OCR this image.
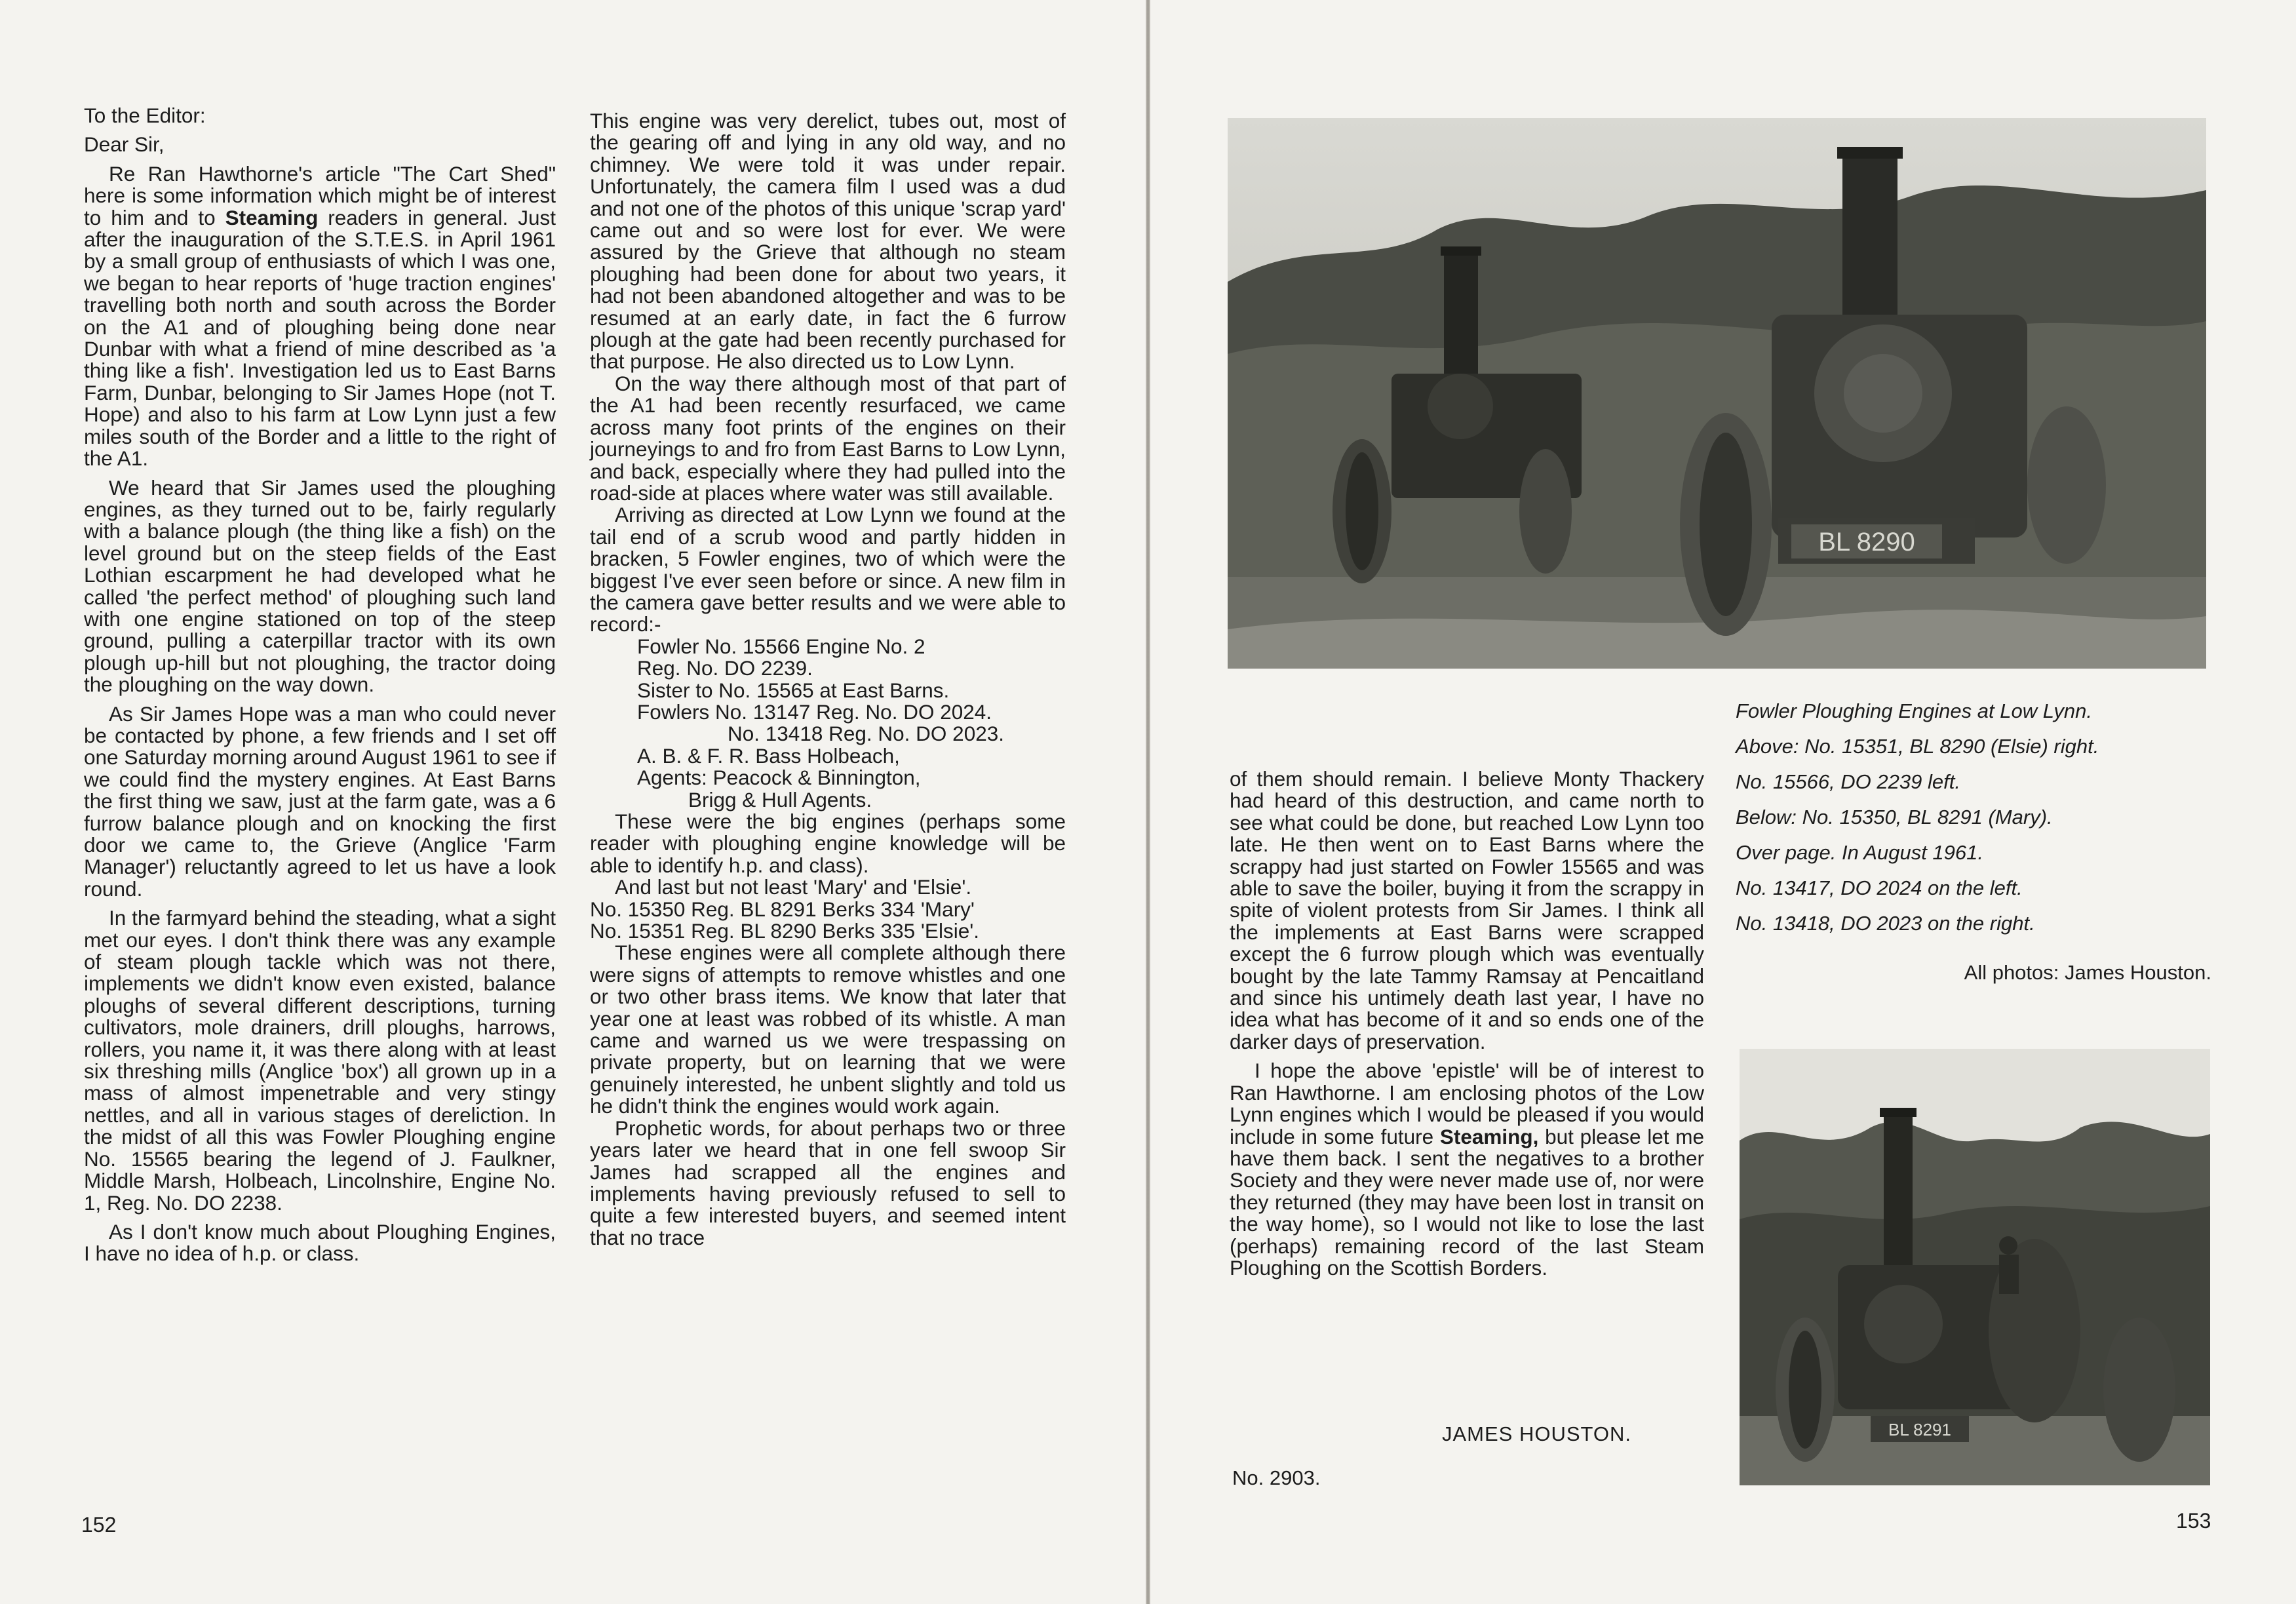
To the Editor:

Dear Sir,

Re Ran Hawthorne's article "The Cart Shed" here is some information which might be of interest to him and to Steaming readers in general. Just after the inauguration of the S.T.E.S. in April 1961 by a small group of enthusiasts of which I was one, we began to hear reports of 'huge traction engines' travelling both north and south across the Border on the A1 and of ploughing being done near Dunbar with what a friend of mine described as 'a thing like a fish'. Investigation led us to East Barns Farm, Dunbar, belonging to Sir James Hope (not T. Hope) and also to his farm at Low Lynn just a few miles south of the Border and a little to the right of the A1.

We heard that Sir James used the ploughing engines, as they turned out to be, fairly regularly with a balance plough (the thing like a fish) on the level ground but on the steep fields of the East Lothian escarpment he had developed what he called 'the perfect method' of ploughing such land with one engine stationed on top of the steep ground, pulling a caterpillar tractor with its own plough up-hill but not ploughing, the tractor doing the ploughing on the way down.

As Sir James Hope was a man who could never be contacted by phone, a few friends and I set off one Saturday morning around August 1961 to see if we could find the mystery engines. At East Barns the first thing we saw, just at the farm gate, was a 6 furrow balance plough and on knocking the first door we came to, the Grieve (Anglice 'Farm Manager') reluctantly agreed to let us have a look round.

In the farmyard behind the steading, what a sight met our eyes. I don't think there was any example of steam plough tackle which was not there, implements we didn't know even existed, balance ploughs of several different descriptions, turning cultivators, mole drainers, drill ploughs, harrows, rollers, you name it, it was there along with at least six threshing mills (Anglice 'box') all grown up in a mass of almost impenetrable and very stingy nettles, and all in various stages of dereliction. In the midst of all this was Fowler Ploughing engine No. 15565 bearing the legend of J. Faulkner, Middle Marsh, Holbeach, Lincolnshire, Engine No. 1, Reg. No. DO 2238.

As I don't know much about Ploughing Engines, I have no idea of h.p. or class.

This engine was very derelict, tubes out, most of the gearing off and lying in any old way, and no chimney. We were told it was under repair. Unfortunately, the camera film I used was a dud and not one of the photos of this unique 'scrap yard' came out and so were lost for ever. We were assured by the Grieve that although no steam ploughing had been done for about two years, it had not been abandoned altogether and was to be resumed at an early date, in fact the 6 furrow plough at the gate had been recently purchased for that purpose. He also directed us to Low Lynn.

On the way there although most of that part of the A1 had been recently resurfaced, we came across many foot prints of the engines on their journeyings to and fro from East Barns to Low Lynn, and back, especially where they had pulled into the road-side at places where water was still available.

Arriving as directed at Low Lynn we found at the tail end of a scrub wood and partly hidden in bracken, 5 Fowler engines, two of which were the biggest I've ever seen before or since. A new film in the camera gave better results and we were able to record:-

Fowler No. 15566 Engine No. 2

Reg. No. DO 2239.

Sister to No. 15565 at East Barns.

Fowlers No. 13147 Reg. No. DO 2024.

No. 13418 Reg. No. DO 2023.

A. B. & F. R. Bass Holbeach,

Agents: Peacock & Binnington,

Brigg & Hull Agents.

These were the big engines (perhaps some reader with ploughing engine knowledge will be able to identify h.p. and class).

And last but not least 'Mary' and 'Elsie'.

No. 15350 Reg. BL 8291 Berks 334 'Mary'

No. 15351 Reg. BL 8290 Berks 335 'Elsie'.

These engines were all complete although there were signs of attempts to remove whistles and one or two other brass items. We know that later that year one at least was robbed of its whistle. A man came and warned us we were trespassing on private property, but on learning that we were genuinely interested, he unbent slightly and told us he didn't think the engines would work again.

Prophetic words, for about perhaps two or three years later we heard that in one fell swoop Sir James had scrapped all the engines and implements having previously refused to sell to quite a few interested buyers, and seemed intent that no trace

152
BL 8290

of them should remain. I believe Monty Thackery had heard of this destruction, and came north to see what could be done, but reached Low Lynn too late. He then went on to East Barns where the scrappy had just started on Fowler 15565 and was able to save the boiler, buying it from the scrappy in spite of violent protests from Sir James. I think all the implements at East Barns were scrapped except the 6 furrow plough which was eventually bought by the late Tammy Ramsay at Pencaitland and since his untimely death last year, I have no idea what has become of it and so ends one of the darker days of preservation.

I hope the above 'epistle' will be of interest to Ran Hawthorne. I am enclosing photos of the Low Lynn engines which I would be pleased if you would include in some future Steaming, but please let me have them back. I sent the negatives to a brother Society and they were never made use of, nor were they returned (they may have been lost in transit on the way home), so I would not like to lose the last (perhaps) remaining record of the last Steam Ploughing on the Scottish Borders.

JAMES HOUSTON.
No. 2903.
Fowler Ploughing Engines at Low Lynn.
Above: No. 15351, BL 8290 (Elsie) right.
No. 15566, DO 2239 left.
Below: No. 15350, BL 8291 (Mary).
Over page. In August 1961.
No. 13417, DO 2024 on the left.
No. 13418, DO 2023 on the right.
All photos: James Houston.
BL 8291
153
